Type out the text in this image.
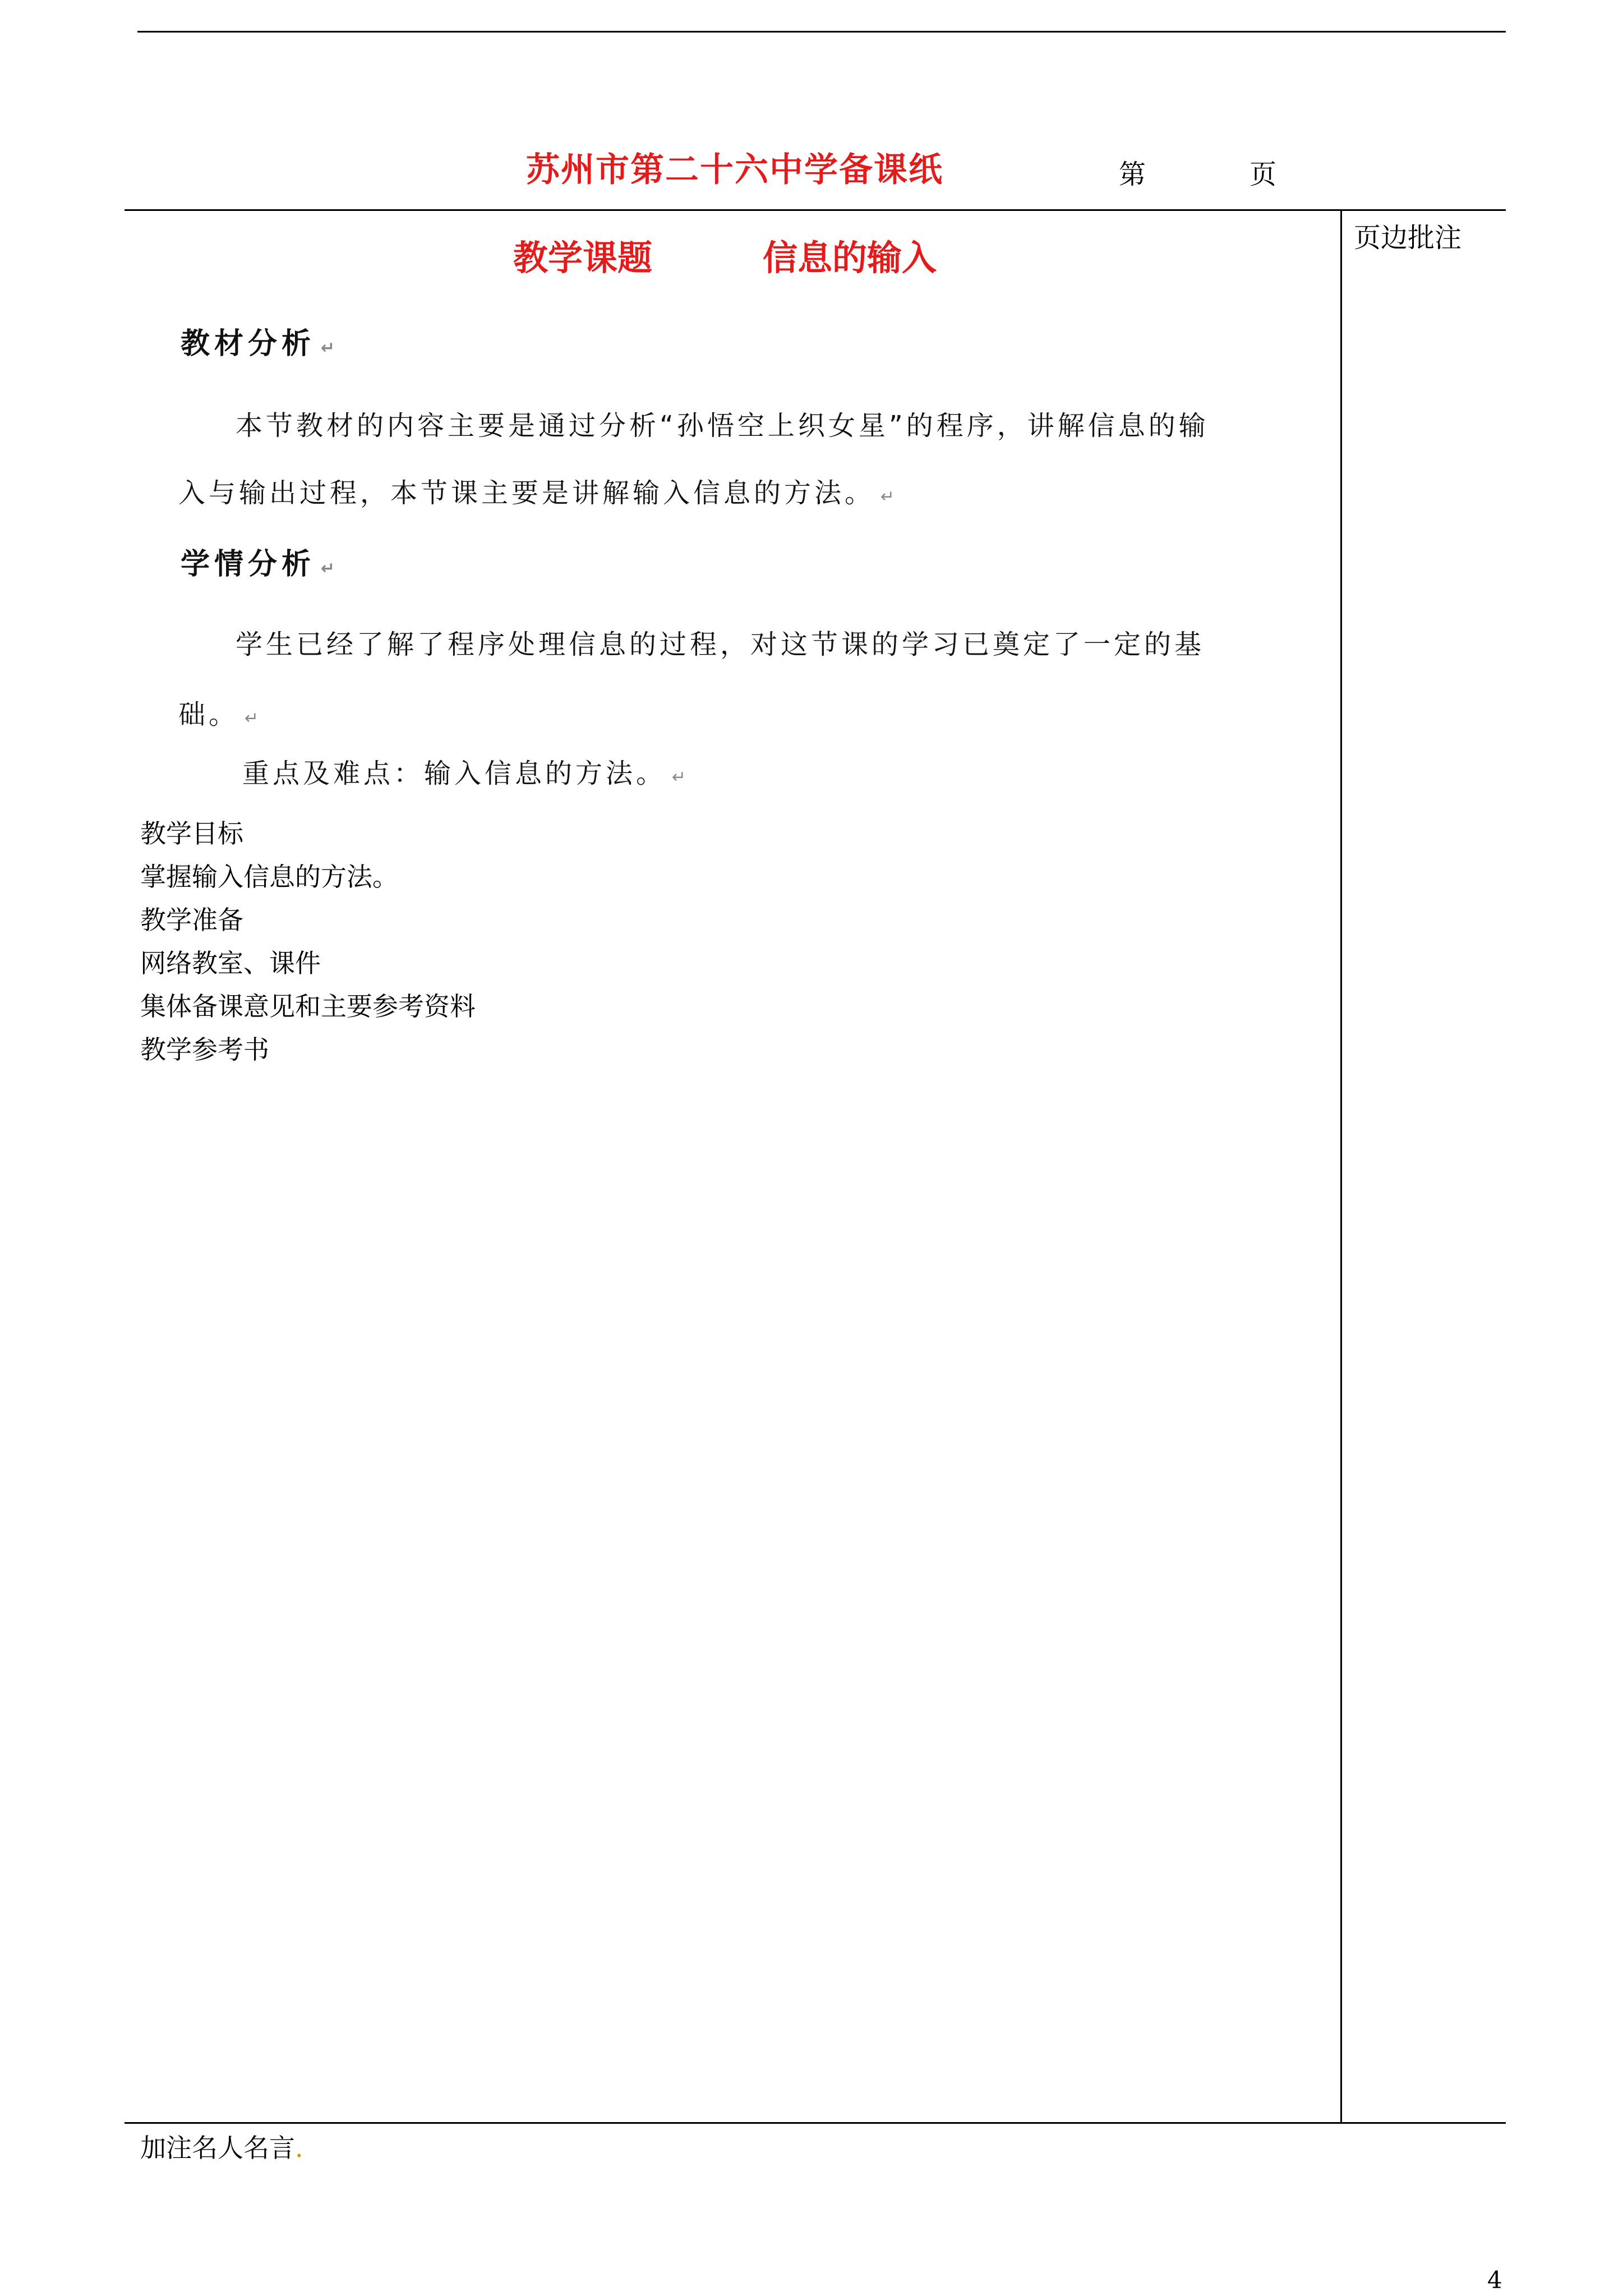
苏州市第二十六中学备课纸	第	页
页边批注
教学课题	信息的输入
教材分析 ↵
本节教材的内容主要是通过分析“孙悟空上织女星”的程序，讲解信息的输
入与输出过程，本节课主要是讲解输入信息的方法。 ↵
学情分析 ↵
学生已经了解了程序处理信息的过程，对这节课的学习已奠定了一定的基
础。 ↵
重点及难点：输入信息的方法。 ↵
教学目标
掌握输入信息的方法。
教学准备
网络教室、课件
集体备课意见和主要参考资料
教学参考书
加注名人名言.
4
